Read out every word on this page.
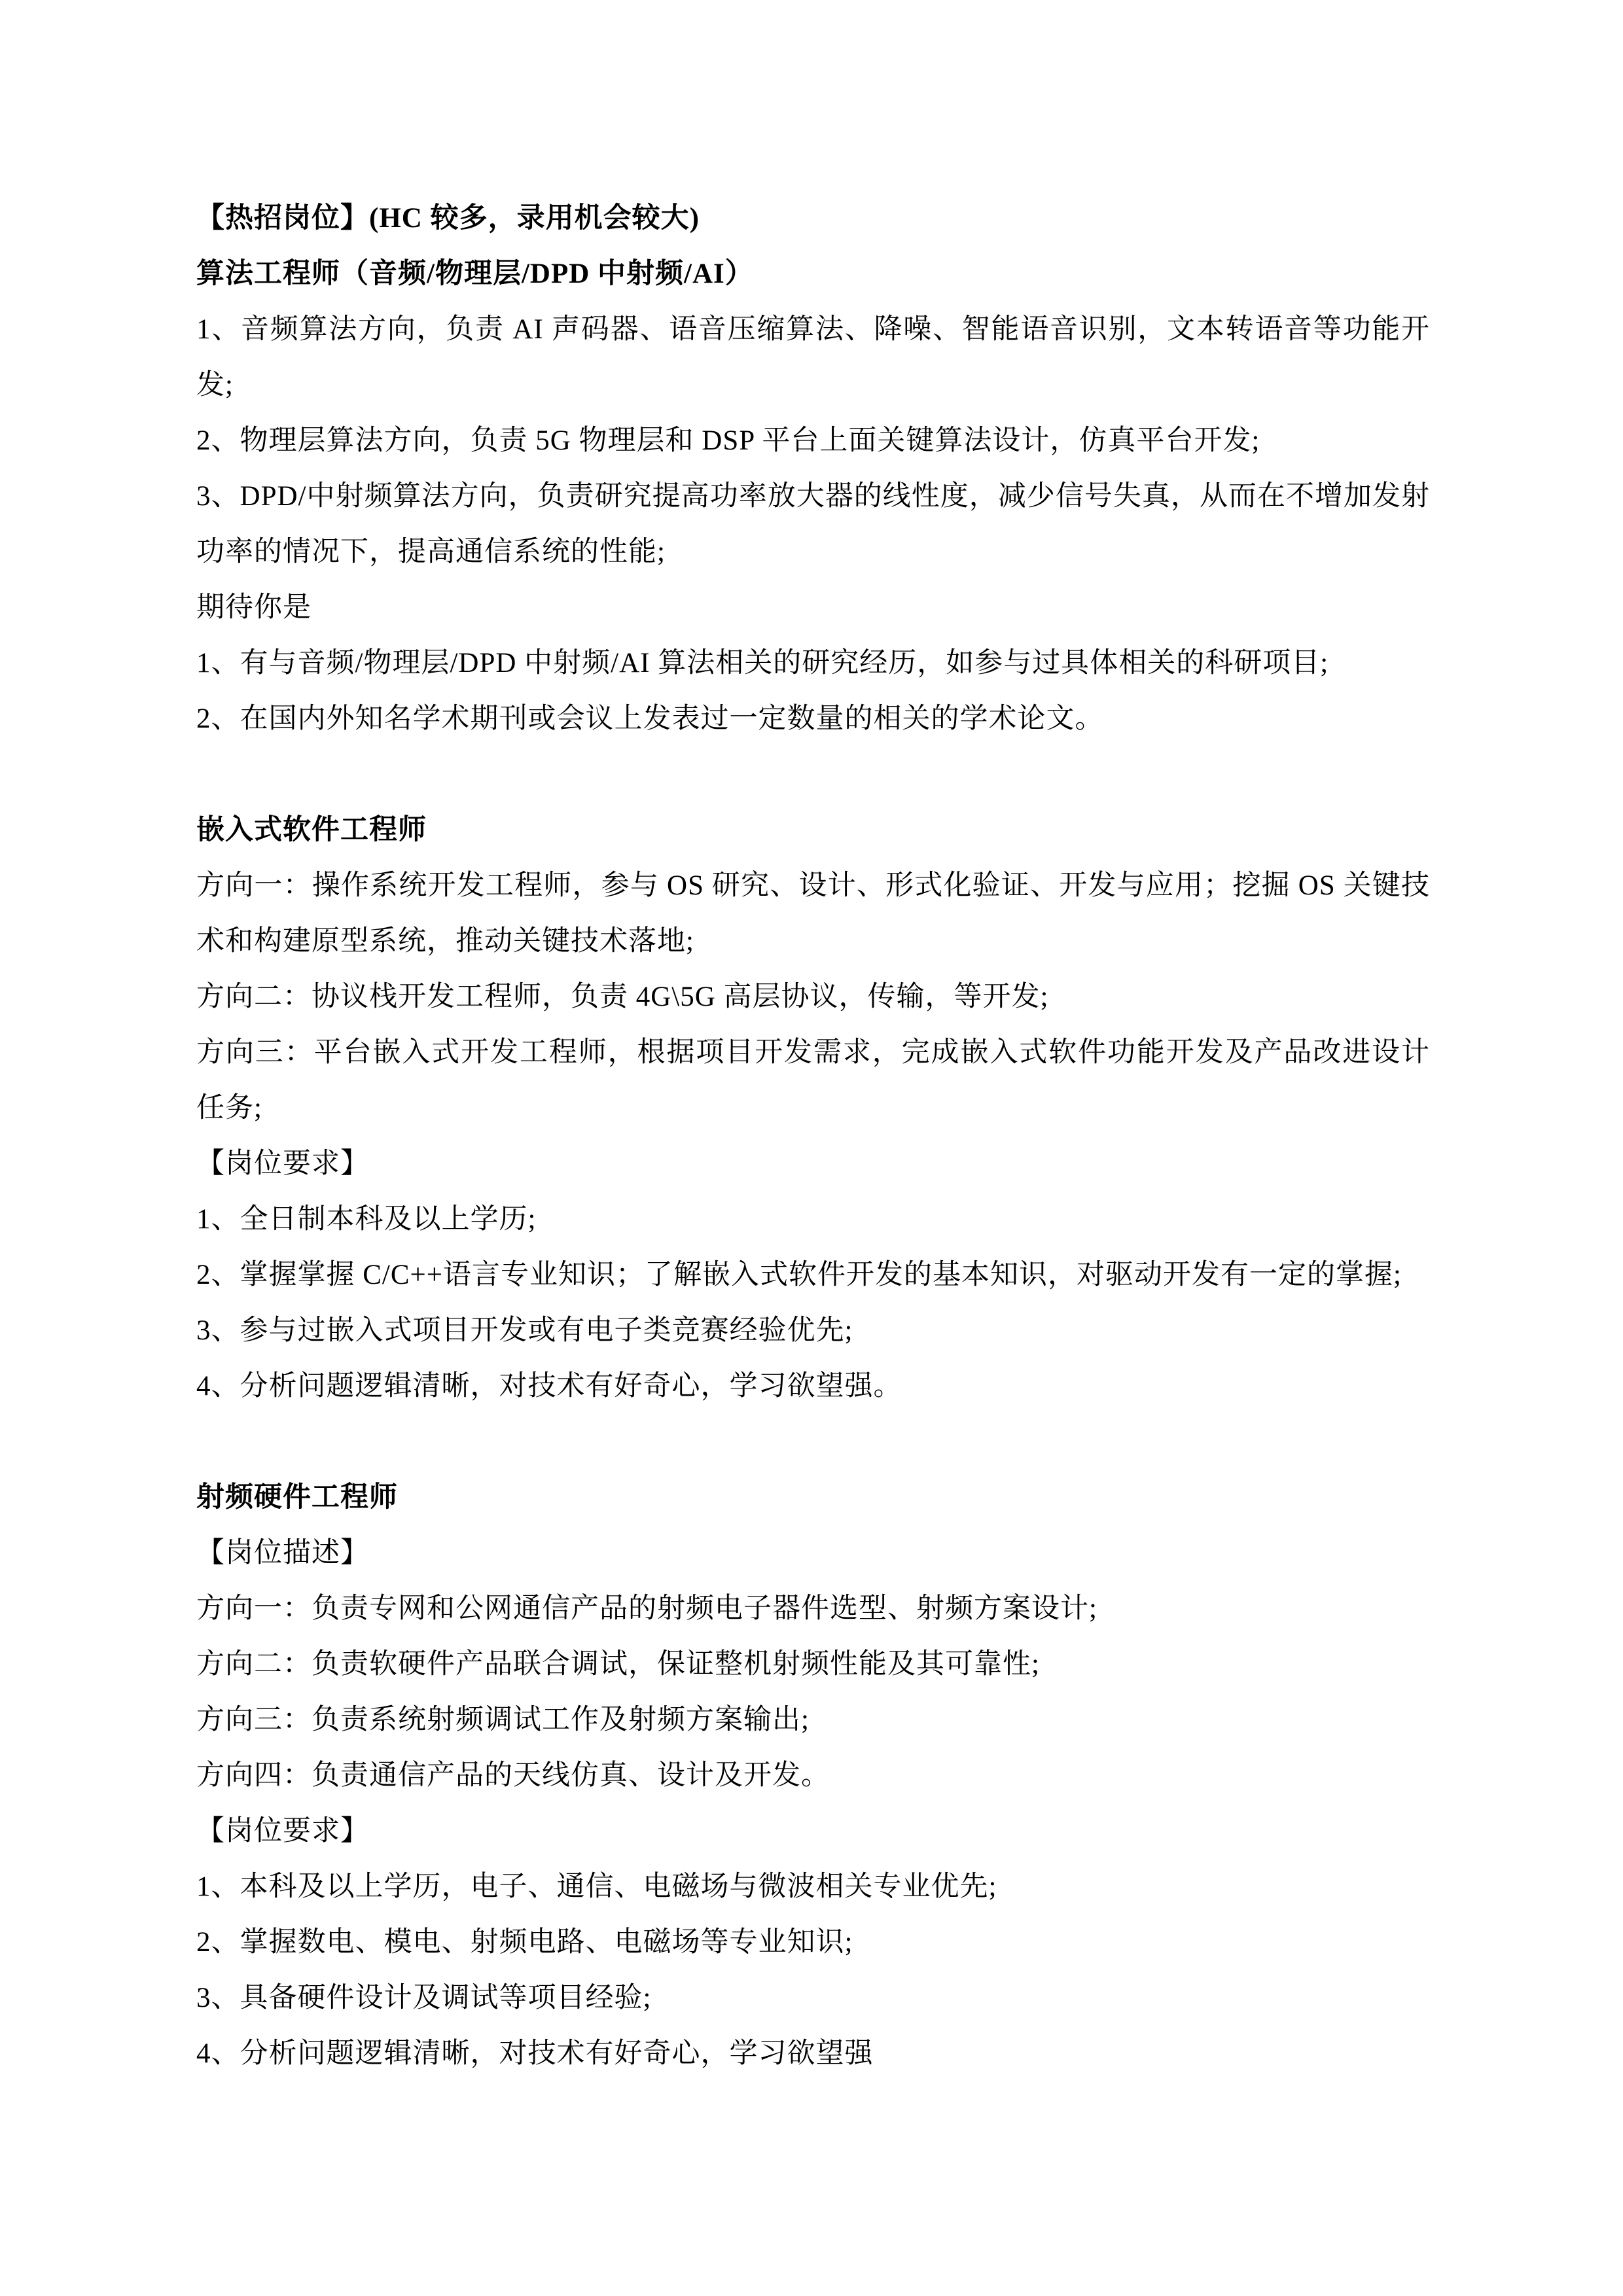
【热招岗位】(HC 较多，录用机会较大)

算法工程师（音频/物理层/DPD 中射频/AI）

1、音频算法方向，负责 AI 声码器、语音压缩算法、降噪、智能语音识别，文本转语音等功能开发;

2、物理层算法方向，负责 5G 物理层和 DSP 平台上面关键算法设计，仿真平台开发;

3、DPD/中射频算法方向，负责研究提高功率放大器的线性度，减少信号失真，从而在不增加发射功率的情况下，提高通信系统的性能;

期待你是

1、有与音频/物理层/DPD 中射频/AI 算法相关的研究经历，如参与过具体相关的科研项目;

2、在国内外知名学术期刊或会议上发表过一定数量的相关的学术论文。

嵌入式软件工程师

方向一：操作系统开发工程师，参与 OS 研究、设计、形式化验证、开发与应用；挖掘 OS 关键技术和构建原型系统，推动关键技术落地;

方向二：协议栈开发工程师，负责 4G\5G 高层协议，传输，等开发;

方向三：平台嵌入式开发工程师，根据项目开发需求，完成嵌入式软件功能开发及产品改进设计任务;

【岗位要求】

1、全日制本科及以上学历;

2、掌握掌握 C/C++语言专业知识；了解嵌入式软件开发的基本知识，对驱动开发有一定的掌握;

3、参与过嵌入式项目开发或有电子类竞赛经验优先;

4、分析问题逻辑清晰，对技术有好奇心，学习欲望强。

射频硬件工程师

【岗位描述】

方向一：负责专网和公网通信产品的射频电子器件选型、射频方案设计;

方向二：负责软硬件产品联合调试，保证整机射频性能及其可靠性;

方向三：负责系统射频调试工作及射频方案输出;

方向四：负责通信产品的天线仿真、设计及开发。

【岗位要求】

1、本科及以上学历，电子、通信、电磁场与微波相关专业优先;

2、掌握数电、模电、射频电路、电磁场等专业知识;

3、具备硬件设计及调试等项目经验;

4、分析问题逻辑清晰，对技术有好奇心，学习欲望强
